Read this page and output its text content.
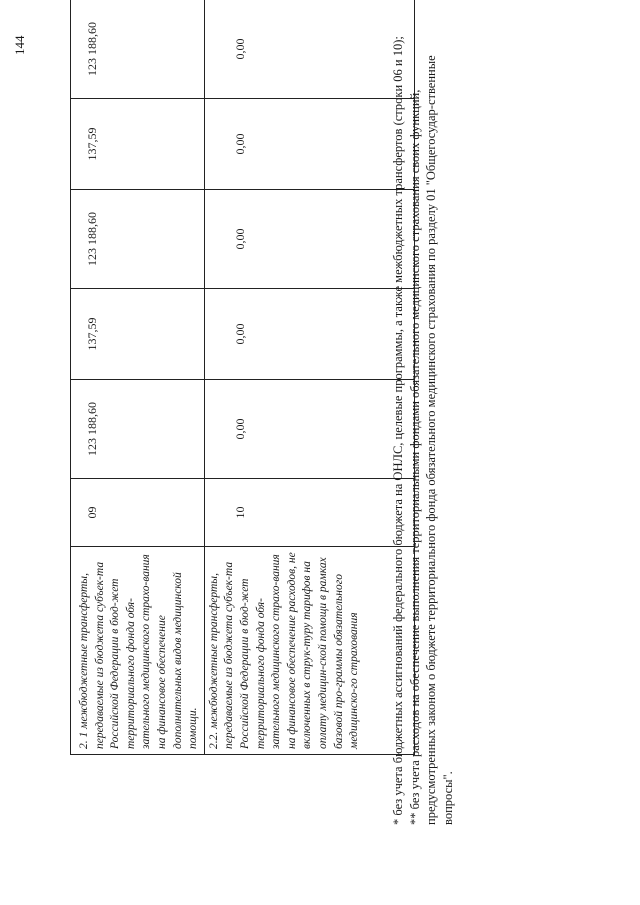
144
2. 1 межбюджетные трансферты, передаваемые из бюджета субъек-та Российской Федерации в бюд-жет территориального фонда обя-зательного медицинского страхо-вания на финансовое обеспечение дополнительных видов медицинской помощи.	09	123 188,60	137,59	123 188,60	137,59	123 188,60	
2.2. межбюджетные трансферты, передаваемые из бюджета субъек-та Российской Федерации в бюд-жет территориального фонда обя-зательного медицинского страхо-вания на финансовое обеспечение расходов, не включенных в струк-туру тарифов на оплату медицин-ской помощи в рамках базовой про-граммы обязательного медицинско-го страхования	10	0,00	0,00	0,00	0,00	0,00		* без учета бюджетных ассигнований федерального бюджета на ОНЛС, целевые программы, а также межбюджетных трансфертов (строки 06 и 10); ** без учета расходов на обеспечение выполнения территориальными фондами обязательного медицинского страхования своих функций, предусмотренных законом о бюджете территориального фонда обязательного медицинского страхования по разделу 01 "Общегосудар-ственные вопросы".
